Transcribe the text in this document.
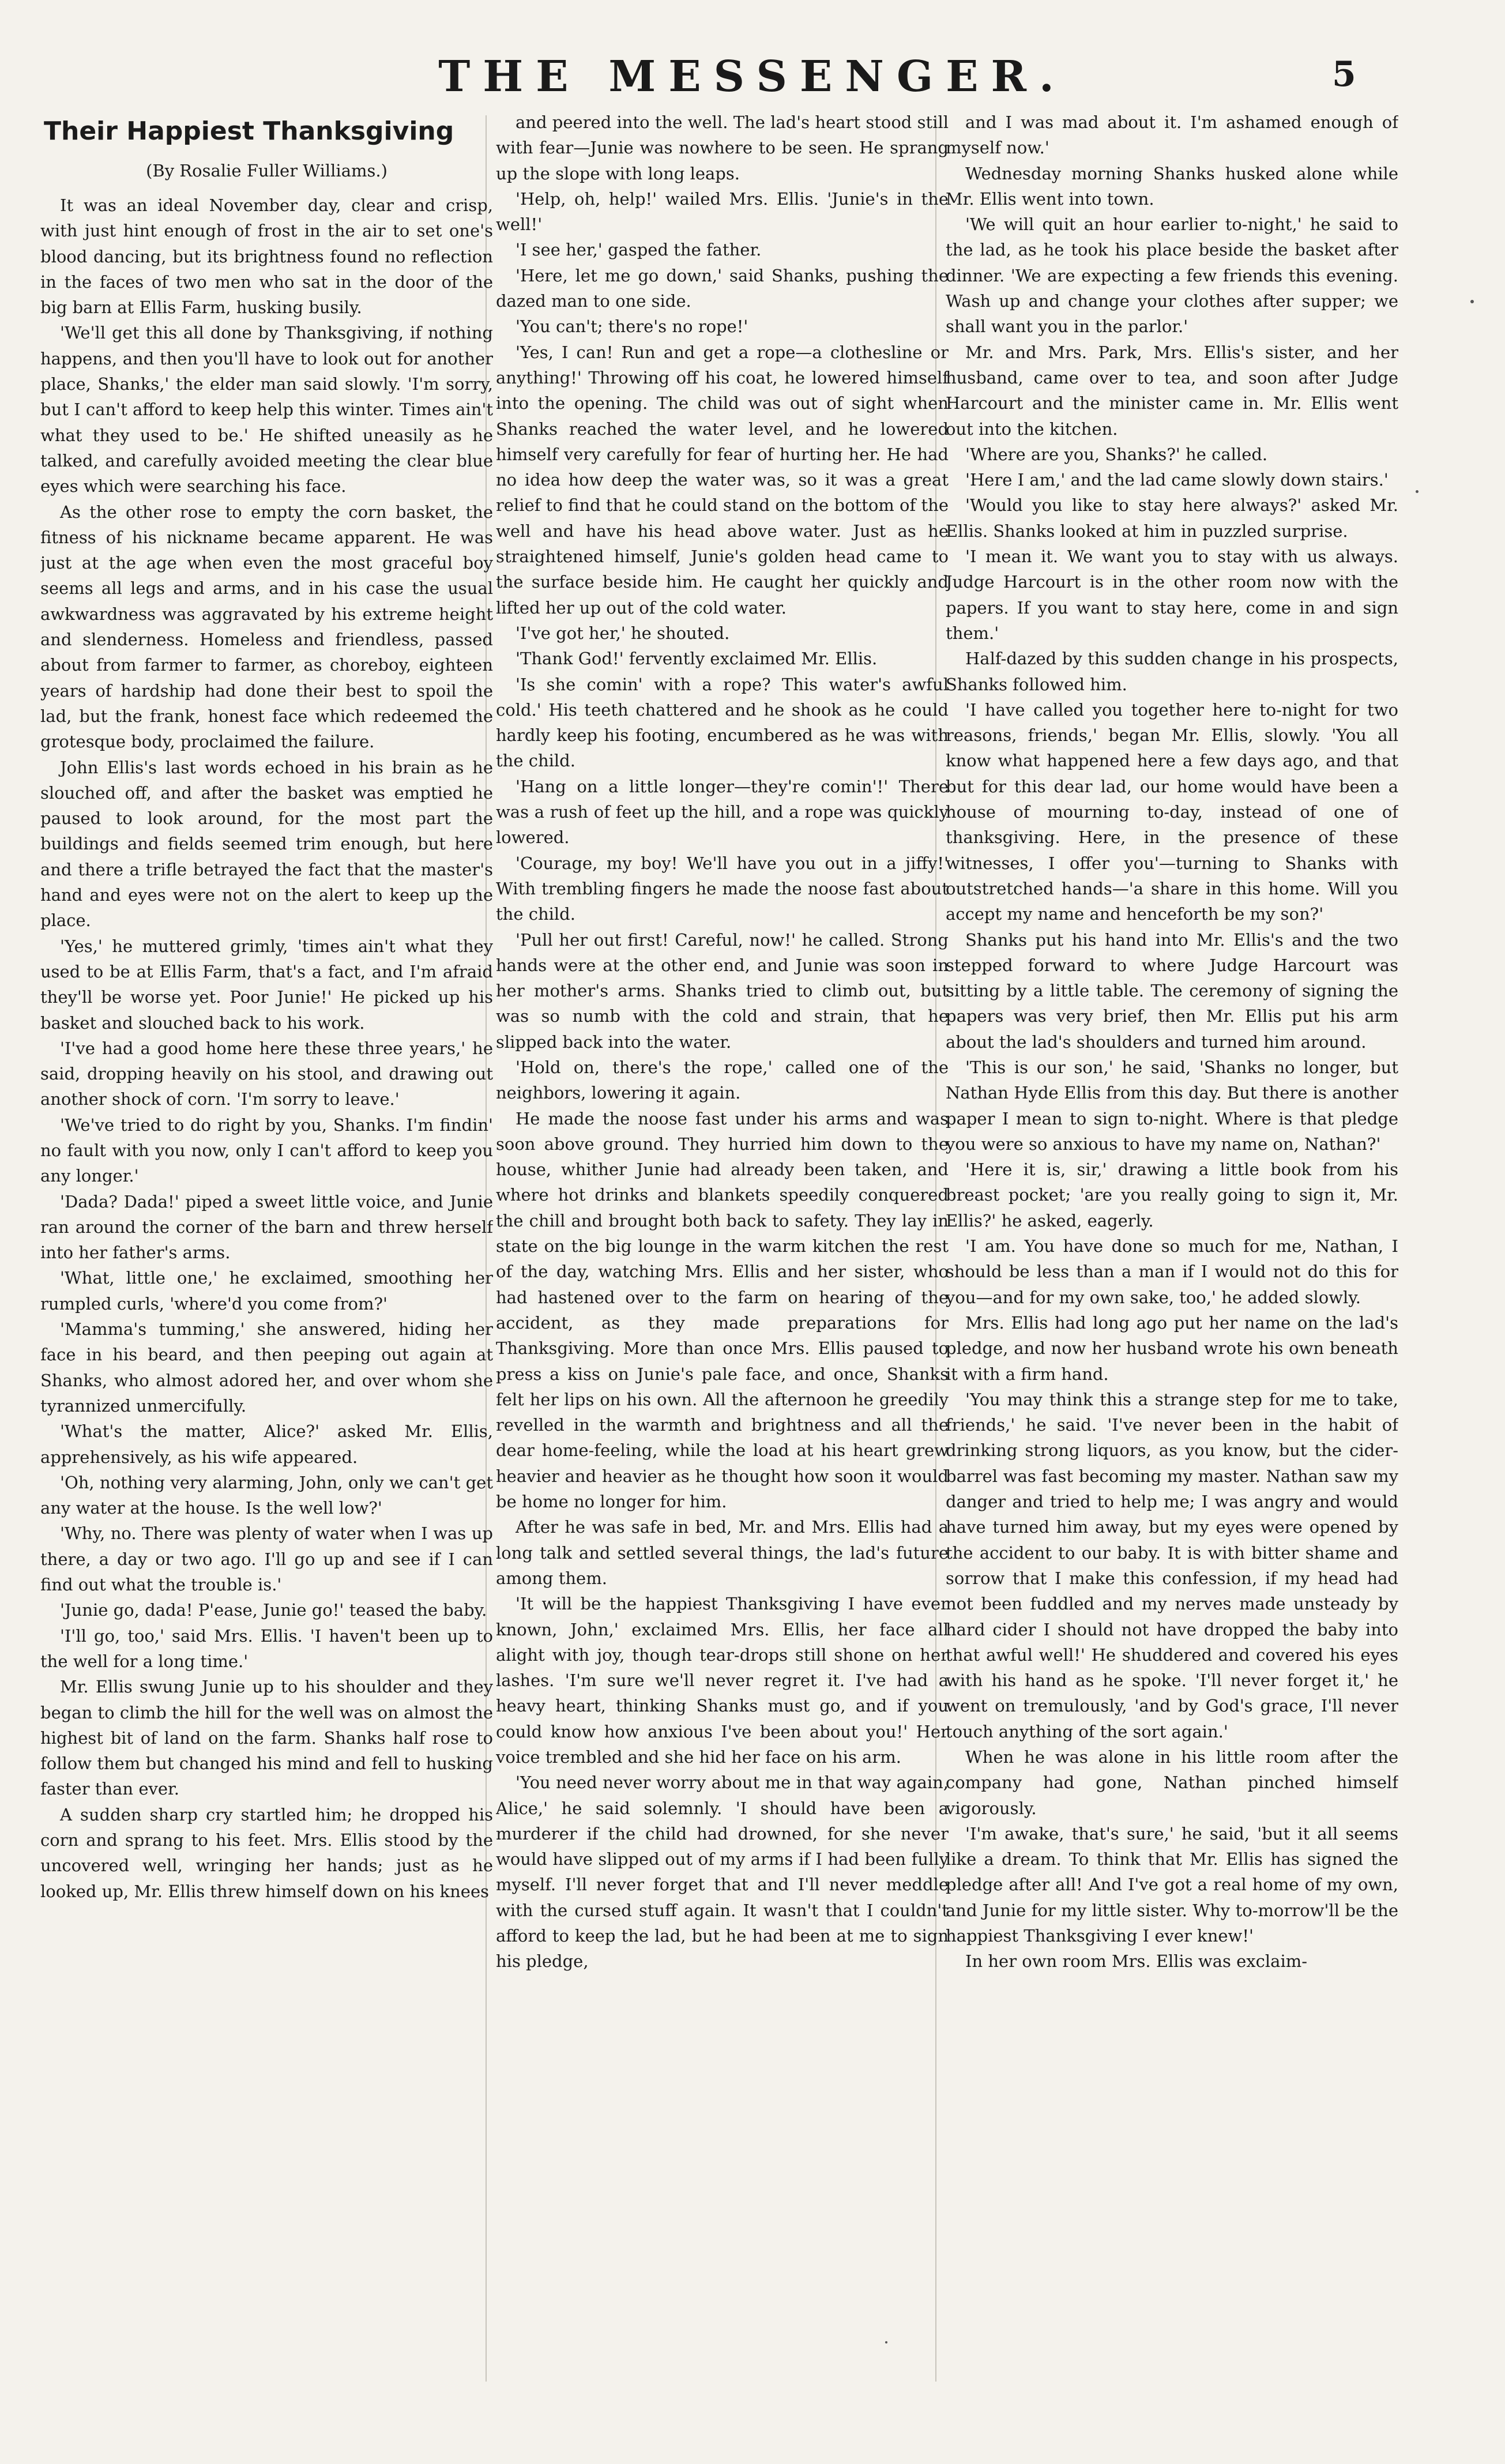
THE MESSENGER.	5
Their Happiest Thanksgiving
(By Rosalie Fuller Williams.)

It was an ideal November day, clear and crisp, with just hint enough of frost in the air to set one's blood dancing, but its brightness found no reflection in the faces of two men who sat in the door of the big barn at Ellis Farm, husking busily.

'We'll get this all done by Thanksgiving, if nothing happens, and then you'll have to look out for another place, Shanks,' the elder man said slowly. 'I'm sorry, but I can't afford to keep help this winter. Times ain't what they used to be.' He shifted uneasily as he talked, and carefully avoided meeting the clear blue eyes which were searching his face.

As the other rose to empty the corn basket, the fitness of his nickname became apparent. He was just at the age when even the most graceful boy seems all legs and arms, and in his case the usual awkwardness was aggravated by his extreme height and slenderness. Homeless and friendless, passed about from farmer to farmer, as choreboy, eighteen years of hardship had done their best to spoil the lad, but the frank, honest face which redeemed the grotesque body, proclaimed the failure.

John Ellis's last words echoed in his brain as he slouched off, and after the basket was emptied he paused to look around, for the most part the buildings and fields seemed trim enough, but here and there a trifle betrayed the fact that the master's hand and eyes were not on the alert to keep up the place.

'Yes,' he muttered grimly, 'times ain't what they used to be at Ellis Farm, that's a fact, and I'm afraid they'll be worse yet. Poor Junie!' He picked up his basket and slouched back to his work.

'I've had a good home here these three years,' he said, dropping heavily on his stool, and drawing out another shock of corn. 'I'm sorry to leave.'

'We've tried to do right by you, Shanks. I'm findin' no fault with you now, only I can't afford to keep you any longer.'

'Dada? Dada!' piped a sweet little voice, and Junie ran around the corner of the barn and threw herself into her father's arms.

'What, little one,' he exclaimed, smoothing her rumpled curls, 'where'd you come from?'

'Mamma's tumming,' she answered, hiding her face in his beard, and then peeping out again at Shanks, who almost adored her, and over whom she tyrannized unmercifully.

'What's the matter, Alice?' asked Mr. Ellis, apprehensively, as his wife appeared.

'Oh, nothing very alarming, John, only we can't get any water at the house. Is the well low?'

'Why, no. There was plenty of water when I was up there, a day or two ago. I'll go up and see if I can find out what the trouble is.'

'Junie go, dada! P'ease, Junie go!' teased the baby.

'I'll go, too,' said Mrs. Ellis. 'I haven't been up to the well for a long time.'

Mr. Ellis swung Junie up to his shoulder and they began to climb the hill for the well was on almost the highest bit of land on the farm. Shanks half rose to follow them but changed his mind and fell to husking faster than ever.

A sudden sharp cry startled him; he dropped his corn and sprang to his feet. Mrs. Ellis stood by the uncovered well, wringing her hands; just as he looked up, Mr. Ellis threw himself down on his knees

and peered into the well. The lad's heart stood still with fear—Junie was nowhere to be seen. He sprang up the slope with long leaps.

'Help, oh, help!' wailed Mrs. Ellis. 'Junie's in the well!'

'I see her,' gasped the father.

'Here, let me go down,' said Shanks, pushing the dazed man to one side.

'You can't; there's no rope!'

'Yes, I can! Run and get a rope—a clothesline or anything!' Throwing off his coat, he lowered himself into the opening. The child was out of sight when Shanks reached the water level, and he lowered himself very carefully for fear of hurting her. He had no idea how deep the water was, so it was a great relief to find that he could stand on the bottom of the well and have his head above water. Just as he straightened himself, Junie's golden head came to the surface beside him. He caught her quickly and lifted her up out of the cold water.

'I've got her,' he shouted.

'Thank God!' fervently exclaimed Mr. Ellis.

'Is she comin' with a rope? This water's awful cold.' His teeth chattered and he shook as he could hardly keep his footing, encumbered as he was with the child.

'Hang on a little longer—they're comin'!' There was a rush of feet up the hill, and a rope was quickly lowered.

'Courage, my boy! We'll have you out in a jiffy!' With trembling fingers he made the noose fast about the child.

'Pull her out first! Careful, now!' he called. Strong hands were at the other end, and Junie was soon in her mother's arms. Shanks tried to climb out, but was so numb with the cold and strain, that he slipped back into the water.

'Hold on, there's the rope,' called one of the neighbors, lowering it again.

He made the noose fast under his arms and was soon above ground. They hurried him down to the house, whither Junie had already been taken, and where hot drinks and blankets speedily conquered the chill and brought both back to safety. They lay in state on the big lounge in the warm kitchen the rest of the day, watching Mrs. Ellis and her sister, who had hastened over to the farm on hearing of the accident, as they made preparations for Thanksgiving. More than once Mrs. Ellis paused to press a kiss on Junie's pale face, and once, Shanks felt her lips on his own. All the afternoon he greedily revelled in the warmth and brightness and all the dear home-feeling, while the load at his heart grew heavier and heavier as he thought how soon it would be home no longer for him.

After he was safe in bed, Mr. and Mrs. Ellis had a long talk and settled several things, the lad's future among them.

'It will be the happiest Thanksgiving I have ever known, John,' exclaimed Mrs. Ellis, her face all alight with joy, though tear-drops still shone on her lashes. 'I'm sure we'll never regret it. I've had a heavy heart, thinking Shanks must go, and if you could know how anxious I've been about you!' Her voice trembled and she hid her face on his arm.

'You need never worry about me in that way again, Alice,' he said solemnly. 'I should have been a murderer if the child had drowned, for she never would have slipped out of my arms if I had been fully myself. I'll never forget that and I'll never meddle with the cursed stuff again. It wasn't that I couldn't afford to keep the lad, but he had been at me to sign his pledge,

and I was mad about it. I'm ashamed enough of myself now.'

Wednesday morning Shanks husked alone while Mr. Ellis went into town.

'We will quit an hour earlier to-night,' he said to the lad, as he took his place beside the basket after dinner. 'We are expecting a few friends this evening. Wash up and change your clothes after supper; we shall want you in the parlor.'

Mr. and Mrs. Park, Mrs. Ellis's sister, and her husband, came over to tea, and soon after Judge Harcourt and the minister came in. Mr. Ellis went out into the kitchen.

'Where are you, Shanks?' he called.

'Here I am,' and the lad came slowly down stairs.'

'Would you like to stay here always?' asked Mr. Ellis. Shanks looked at him in puzzled surprise.

'I mean it. We want you to stay with us always. Judge Harcourt is in the other room now with the papers. If you want to stay here, come in and sign them.'

Half-dazed by this sudden change in his prospects, Shanks followed him.

'I have called you together here to-night for two reasons, friends,' began Mr. Ellis, slowly. 'You all know what happened here a few days ago, and that but for this dear lad, our home would have been a house of mourning to-day, instead of one of thanksgiving. Here, in the presence of these witnesses, I offer you'—turning to Shanks with outstretched hands—'a share in this home. Will you accept my name and henceforth be my son?'

Shanks put his hand into Mr. Ellis's and the two stepped forward to where Judge Harcourt was sitting by a little table. The ceremony of signing the papers was very brief, then Mr. Ellis put his arm about the lad's shoulders and turned him around.

'This is our son,' he said, 'Shanks no longer, but Nathan Hyde Ellis from this day. But there is another paper I mean to sign to-night. Where is that pledge you were so anxious to have my name on, Nathan?'

'Here it is, sir,' drawing a little book from his breast pocket; 'are you really going to sign it, Mr. Ellis?' he asked, eagerly.

'I am. You have done so much for me, Nathan, I should be less than a man if I would not do this for you—and for my own sake, too,' he added slowly.

Mrs. Ellis had long ago put her name on the lad's pledge, and now her husband wrote his own beneath it with a firm hand.

'You may think this a strange step for me to take, friends,' he said. 'I've never been in the habit of drinking strong liquors, as you know, but the cider-barrel was fast becoming my master. Nathan saw my danger and tried to help me; I was angry and would have turned him away, but my eyes were opened by the accident to our baby. It is with bitter shame and sorrow that I make this confession, if my head had not been fuddled and my nerves made unsteady by hard cider I should not have dropped the baby into that awful well!' He shuddered and covered his eyes with his hand as he spoke. 'I'll never forget it,' he went on tremulously, 'and by God's grace, I'll never touch anything of the sort again.'

When he was alone in his little room after the company had gone, Nathan pinched himself vigorously.

'I'm awake, that's sure,' he said, 'but it all seems like a dream. To think that Mr. Ellis has signed the pledge after all! And I've got a real home of my own, and Junie for my little sister. Why to-morrow'll be the happiest Thanksgiving I ever knew!'

In her own room Mrs. Ellis was exclaim-
